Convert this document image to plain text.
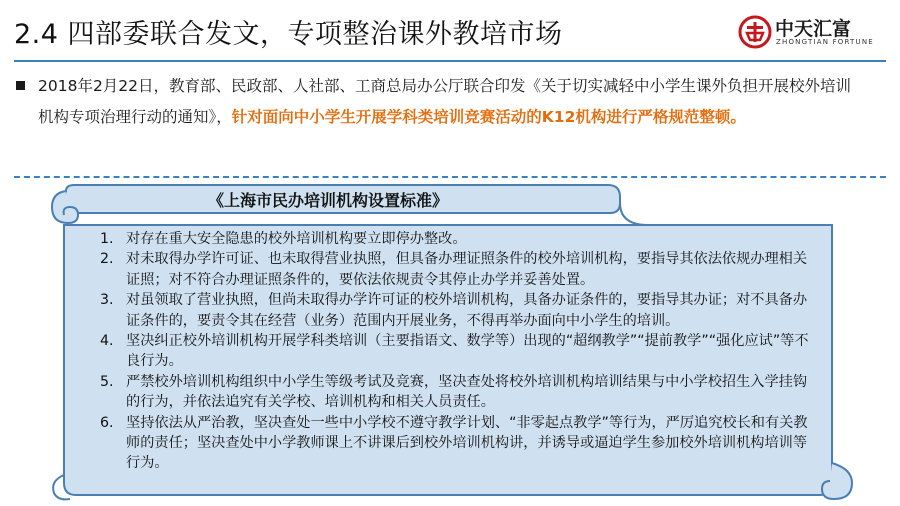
2.4 四部委联合发文，专项整治课外教培市场	中天汇富
ZHONGTIAN FORTUNE
2018年2月22日，教育部、民政部、人社部、工商总局办公厅联合印发《关于切实减轻中小学生课外负担开展校外培训机构专项治理行动的通知》，针对面向中小学生开展学科类培训竞赛活动的K12机构进行严格规范整顿。
《上海市民办培训机构设置标准》
1. 对存在重大安全隐患的校外培训机构要立即停办整改。
2. 对未取得办学许可证、也未取得营业执照，但具备办理证照条件的校外培训机构，要指导其依法依规办理相关证照；对不符合办理证照条件的，要依法依规责令其停止办学并妥善处置。
3. 对虽领取了营业执照，但尚未取得办学许可证的校外培训机构，具备办证条件的，要指导其办证；对不具备办证条件的，要责令其在经营（业务）范围内开展业务，不得再举办面向中小学生的培训。
4. 坚决纠正校外培训机构开展学科类培训（主要指语文、数学等）出现的“超纲教学”“提前教学”“强化应试”等不良行为。
5. 严禁校外培训机构组织中小学生等级考试及竞赛，坚决查处将校外培训机构培训结果与中小学校招生入学挂钩的行为，并依法追究有关学校、培训机构和相关人员责任。
6. 坚持依法从严治教，坚决查处一些中小学校不遵守教学计划、“非零起点教学”等行为，严厉追究校长和有关教师的责任；坚决查处中小学教师课上不讲课后到校外培训机构讲，并诱导或逼迫学生参加校外培训机构培训等行为。
